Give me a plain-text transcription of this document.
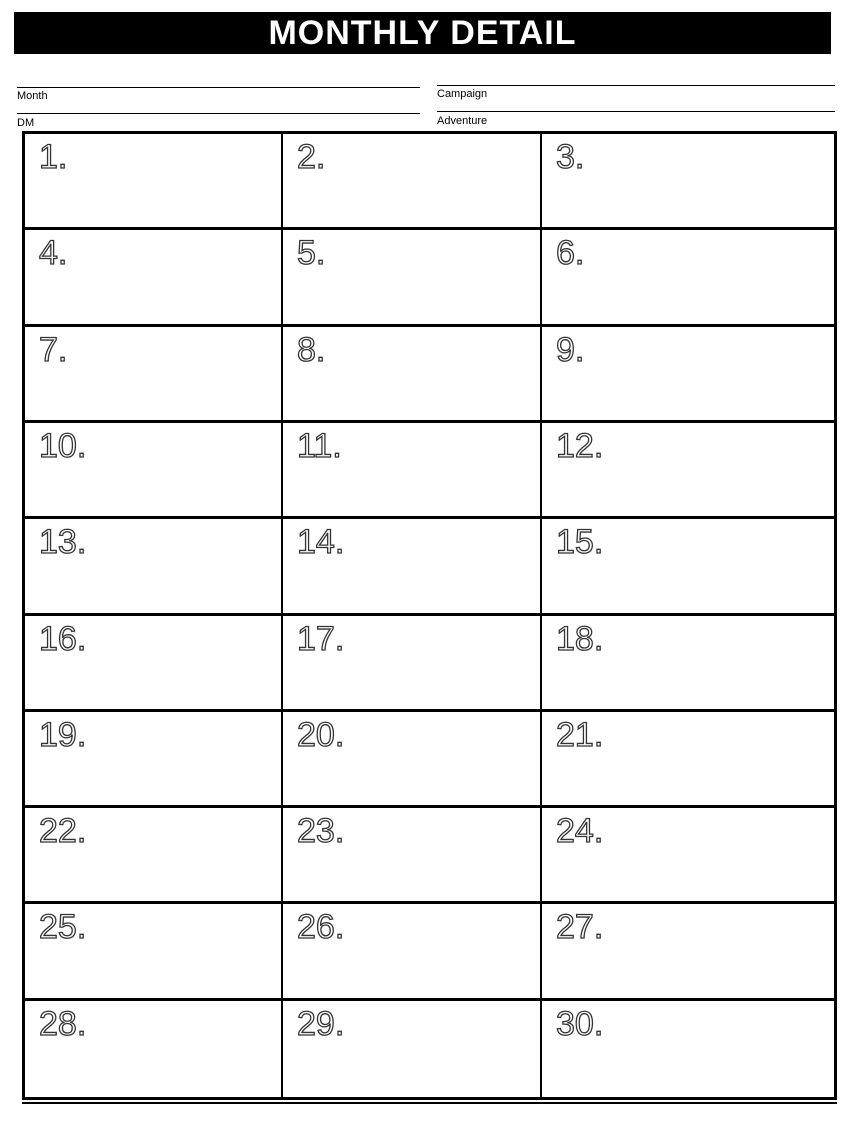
MONTHLY DETAIL
Month
DM
Campaign
Adventure
1.	2.	3.
4.	5.	6.
7.	8.	9.
10.	11.	12.
13.	14.	15.
16.	17.	18.
19.	20.	21.
22.	23.	24.
25.	26.	27.
28.	29.	30.
